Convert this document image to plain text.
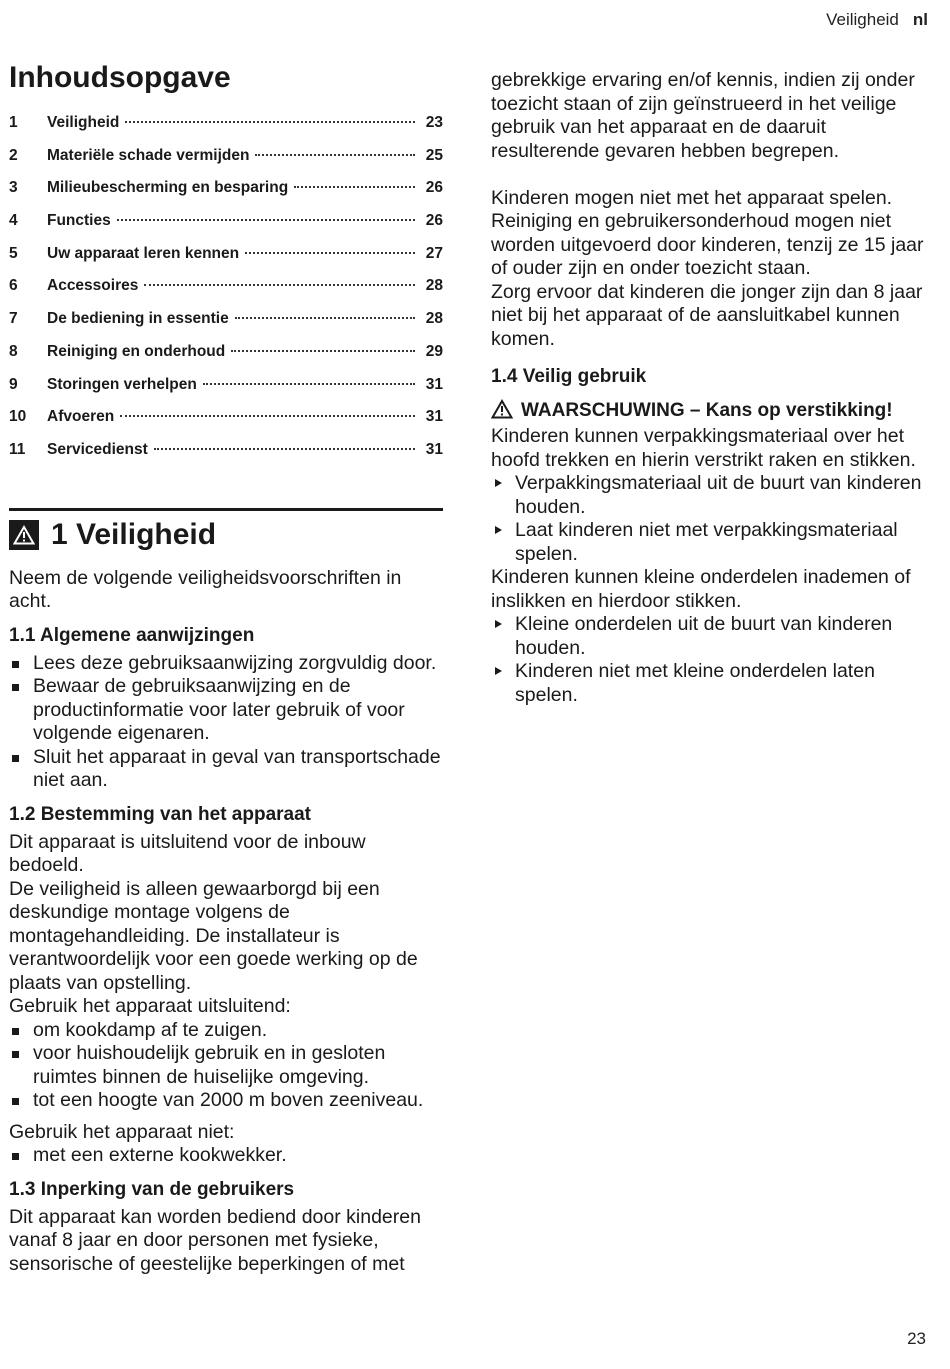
Veiligheid nl
Inhoudsopgave
1	Veiligheid	23
2	Materiële schade vermijden	25
3	Milieubescherming en besparing	26
4	Functies	26
5	Uw apparaat leren kennen	27
6	Accessoires	28
7	De bediening in essentie	28
8	Reiniging en onderhoud	29
9	Storingen verhelpen	31
10	Afvoeren	31
11	Servicedienst	31
1 Veiligheid

Neem de volgende veiligheidsvoorschriften in acht.

1.1 Algemene aanwijzingen
Lees deze gebruiksaanwijzing zorgvuldig door.
Bewaar de gebruiksaanwijzing en de productinformatie voor later gebruik of voor volgende eigenaren.
Sluit het apparaat in geval van transportschade niet aan.
1.2 Bestemming van het apparaat

Dit apparaat is uitsluitend voor de inbouw bedoeld.

De veiligheid is alleen gewaarborgd bij een deskundige montage volgens de montagehandleiding. De installateur is verantwoordelijk voor een goede werking op de plaats van opstelling.

Gebruik het apparaat uitsluitend:

om kookdamp af te zuigen.
voor huishoudelijk gebruik en in gesloten ruimtes binnen de huiselijke omgeving.
tot een hoogte van 2000 m boven zeeniveau.

Gebruik het apparaat niet:

met een externe kookwekker.
1.3 Inperking van de gebruikers

Dit apparaat kan worden bediend door kinderen vanaf 8 jaar en door personen met fysieke, sensorische of geestelijke beperkingen of met

gebrekkige ervaring en/of kennis, indien zij onder toezicht staan of zijn geïnstrueerd in het veilige gebruik van het apparaat en de daaruit resulterende gevaren hebben begrepen.

Kinderen mogen niet met het apparaat spelen.

Reiniging en gebruikersonderhoud mogen niet worden uitgevoerd door kinderen, tenzij ze 15 jaar of ouder zijn en onder toezicht staan.

Zorg ervoor dat kinderen die jonger zijn dan 8 jaar niet bij het apparaat of de aansluitkabel kunnen komen.

1.4 Veilig gebruik
WAARSCHUWING – Kans op verstikking!

Kinderen kunnen verpakkingsmateriaal over het hoofd trekken en hierin verstrikt raken en stikken.

Verpakkingsmateriaal uit de buurt van kinderen houden.
Laat kinderen niet met verpakkingsmateriaal spelen.

Kinderen kunnen kleine onderdelen inademen of inslikken en hierdoor stikken.

Kleine onderdelen uit de buurt van kinderen houden.
Kinderen niet met kleine onderdelen laten spelen.
23
